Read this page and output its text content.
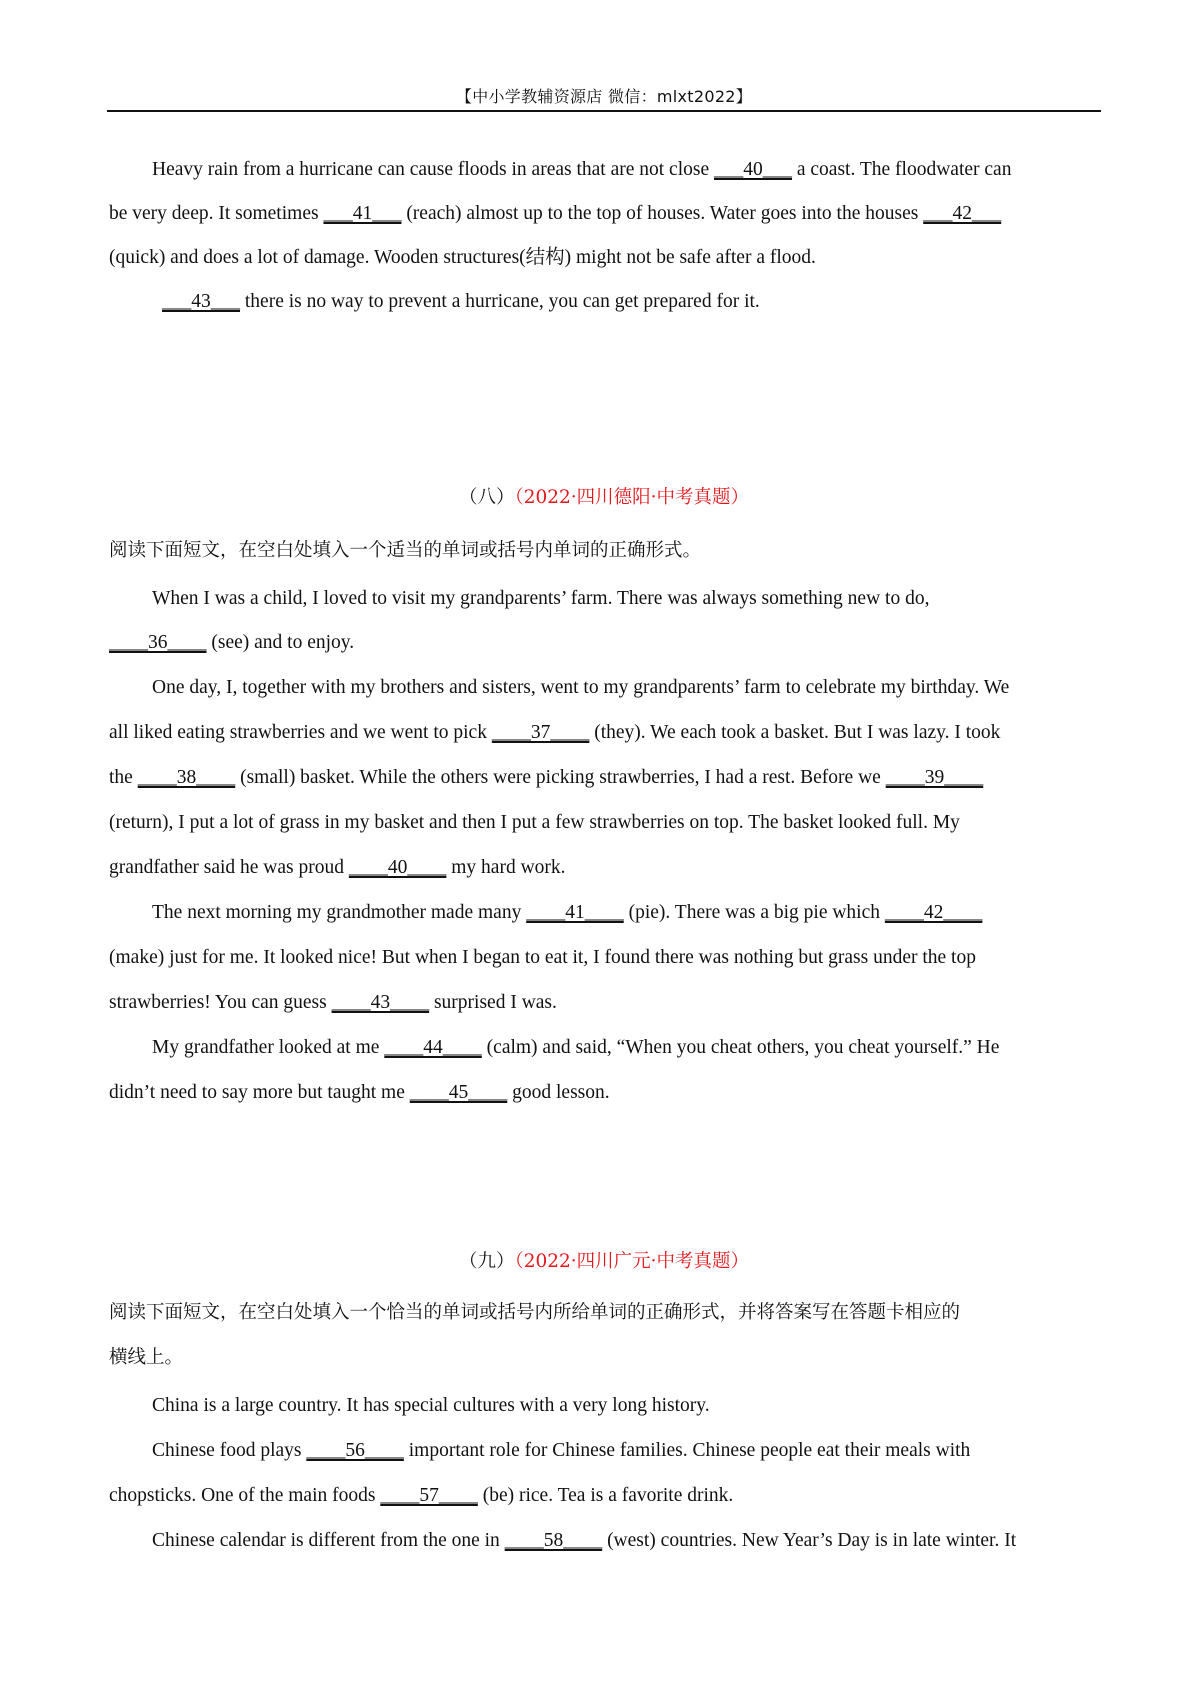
【中小学教辅资源店 微信：mlxt2022】
Heavy rain from a hurricane can cause floods in areas that are not close ___40___ a coast. The floodwater can
be very deep. It sometimes ___41___ (reach) almost up to the top of houses. Water goes into the houses ___42___
(quick) and does a lot of damage. Wooden structures(结构) might not be safe after a flood.
___43___ there is no way to prevent a hurricane, you can get prepared for it.
（八）（2022·四川德阳·中考真题）
阅读下面短文，在空白处填入一个适当的单词或括号内单词的正确形式。
When I was a child, I loved to visit my grandparents’ farm. There was always something new to do,
____36____ (see) and to enjoy.
One day, I, together with my brothers and sisters, went to my grandparents’ farm to celebrate my birthday. We
all liked eating strawberries and we went to pick ____37____ (they). We each took a basket. But I was lazy. I took
the ____38____ (small) basket. While the others were picking strawberries, I had a rest. Before we ____39____
(return), I put a lot of grass in my basket and then I put a few strawberries on top. The basket looked full. My
grandfather said he was proud ____40____ my hard work.
The next morning my grandmother made many ____41____ (pie). There was a big pie which ____42____
(make) just for me. It looked nice! But when I began to eat it, I found there was nothing but grass under the top
strawberries! You can guess ____43____ surprised I was.
My grandfather looked at me ____44____ (calm) and said, “When you cheat others, you cheat yourself.” He
didn’t need to say more but taught me ____45____ good lesson.
（九）（2022·四川广元·中考真题）
阅读下面短文，在空白处填入一个恰当的单词或括号内所给单词的正确形式，并将答案写在答题卡相应的
横线上。
China is a large country. It has special cultures with a very long history.
Chinese food plays ____56____ important role for Chinese families. Chinese people eat their meals with
chopsticks. One of the main foods ____57____ (be) rice. Tea is a favorite drink.
Chinese calendar is different from the one in ____58____ (west) countries. New Year’s Day is in late winter. It
